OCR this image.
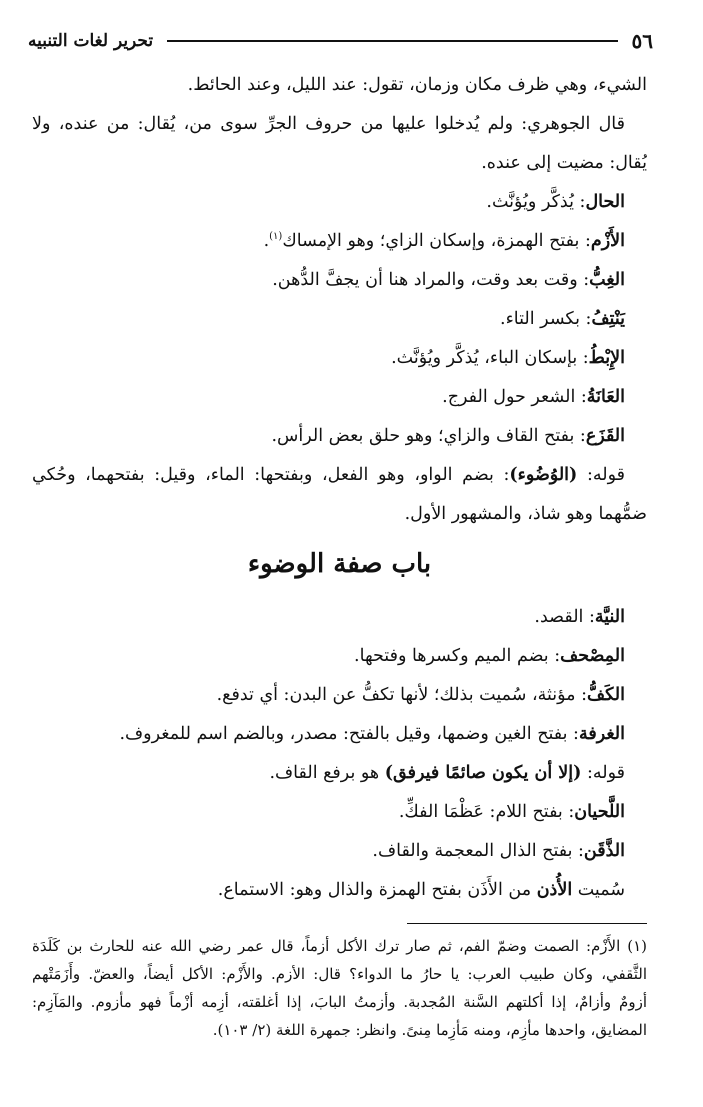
٥٦
تحرير لغات التنبيه
الشيء، وهي ظرف مكان وزمان، تقول: عند الليل، وعند الحائط.
قال الجوهري: ولم يُدخلوا عليها من حروف الجرِّ سوى من، يُقال: من عنده، ولا
يُقال: مضيت إلى عنده.
الحال: يُذكَّر ويُؤنَّث.
الأَزْم: بفتح الهمزة، وإسكان الزاي؛ وهو الإمساك$^{(١)}$.
الغِبُّ: وقت بعد وقت، والمراد هنا أن يجفَّ الدُّهن.
يَنْتِفُ: بكسر التاء.
الإِبْطُ: بإسكان الباء، يُذكَّر ويُؤنَّث.
العَانَةُ: الشعر حول الفرج.
القَزَع: بفتح القاف والزاي؛ وهو حلق بعض الرأس.
قوله: (الوُضُوء): بضم الواو، وهو الفعل، وبفتحها: الماء، وقيل: بفتحهما، وحُكي
ضمُّهما وهو شاذ، والمشهور الأول.
باب صفة الوضوء
النيَّة: القصد.
المِصْحف: بضم الميم وكسرها وفتحها.
الكَفُّ: مؤنثة، سُميت بذلك؛ لأنها تكفُّ عن البدن: أي تدفع.
الغرفة: بفتح الغين وضمها، وقيل بالفتح: مصدر، وبالضم اسم للمغروف.
قوله: (إلا أن يكون صائمًا فيرفق) هو برفع القاف.
اللَّحيان: بفتح اللام: عَظْمَا الفكِّ.
الذَّقَن: بفتح الذال المعجمة والقاف.
سُميت الأُذن من الأَذَن بفتح الهمزة والذال وهو: الاستماع.
(١) الأَزْم: الصمت وضمّ الفم، ثم صار ترك الأكل أزماً، قال عمر رضي الله عنه للحارث بن كَلَدَة
الثَّقفي، وكان طبيب العرب: يا حارُ ما الدواء؟ قال: الأزم. والأَزْم: الأكل أيضاً، والعضّ. وأَزَمَتْهم
أزومٌ وأزامٌ، إذا أكلتهم السَّنة المُجدبة. وأزمتُ البابَ، إذا أغلقته، أزِمه أزْماً فهو مأزوم. والمَآزِم:
المضايق، واحدها مأزِم، ومنه مَأزِما مِنىً. وانظر: جمهرة اللغة (٢/ ١٠٣).
